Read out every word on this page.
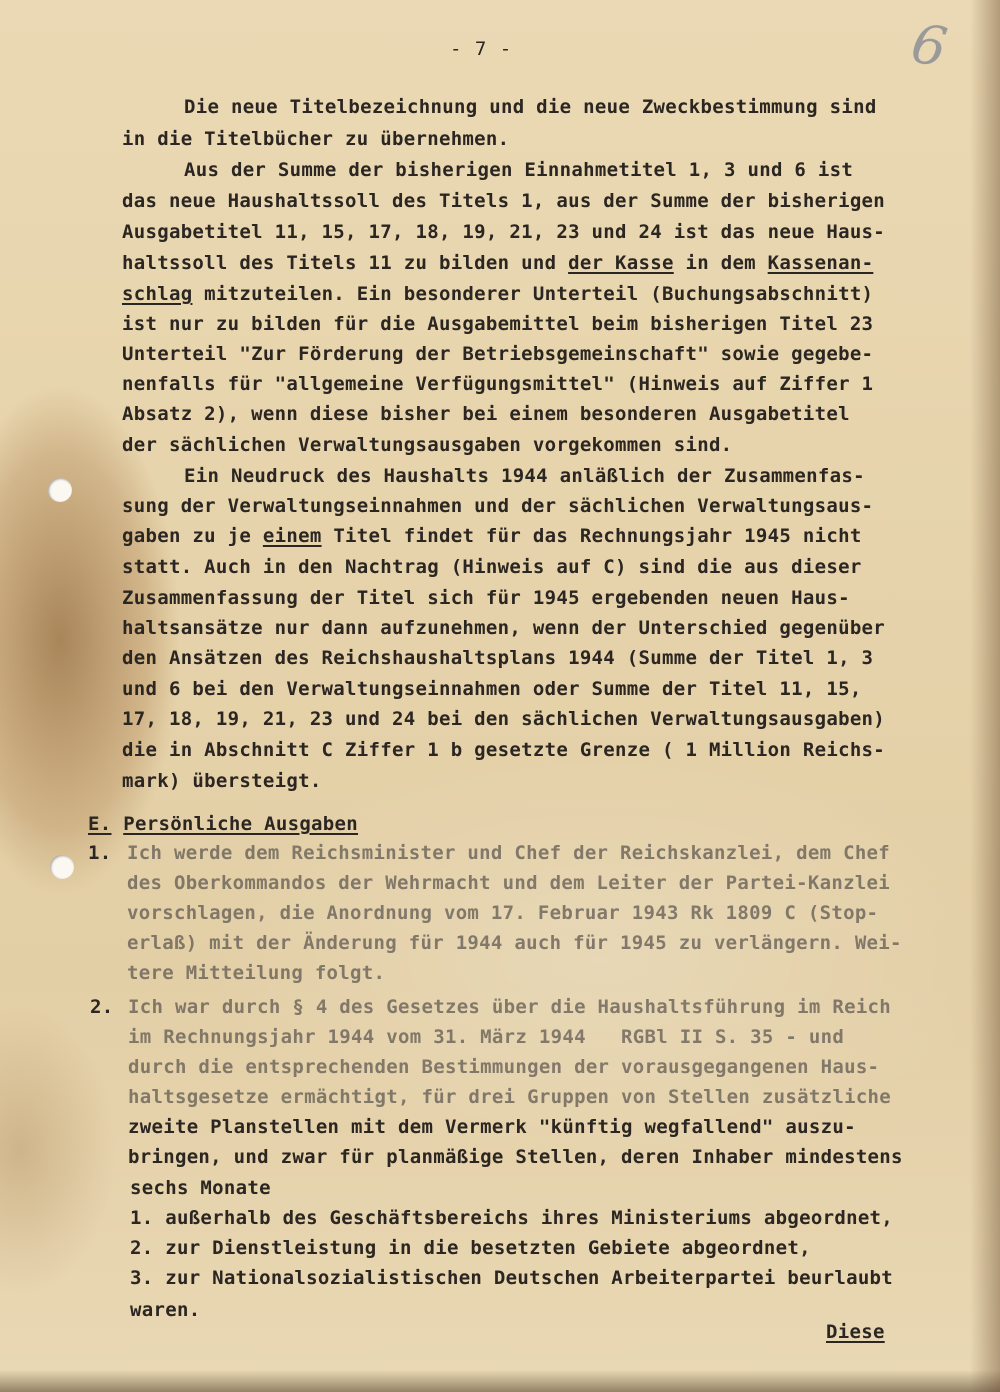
- 7 -	6
Die neue Titelbezeichnung und die neue Zweckbestimmung sind
in die Titelbücher zu übernehmen.
Aus der Summe der bisherigen Einnahmetitel 1, 3 und 6 ist
das neue Haushaltssoll des Titels 1, aus der Summe der bisherigen
Ausgabetitel 11, 15, 17, 18, 19, 21, 23 und 24 ist das neue Haus-
haltssoll des Titels 11 zu bilden und der Kasse in dem Kassenan-
schlag mitzuteilen. Ein besonderer Unterteil (Buchungsabschnitt)
ist nur zu bilden für die Ausgabemittel beim bisherigen Titel 23
Unterteil "Zur Förderung der Betriebsgemeinschaft" sowie gegebe-
nenfalls für "allgemeine Verfügungsmittel" (Hinweis auf Ziffer 1
Absatz 2), wenn diese bisher bei einem besonderen Ausgabetitel
der sächlichen Verwaltungsausgaben vorgekommen sind.
Ein Neudruck des Haushalts 1944 anläßlich der Zusammenfas-
sung der Verwaltungseinnahmen und der sächlichen Verwaltungsaus-
gaben zu je einem Titel findet für das Rechnungsjahr 1945 nicht
statt. Auch in den Nachtrag (Hinweis auf C) sind die aus dieser
Zusammenfassung der Titel sich für 1945 ergebenden neuen Haus-
haltsansätze nur dann aufzunehmen, wenn der Unterschied gegenüber
den Ansätzen des Reichshaushaltsplans 1944 (Summe der Titel 1, 3
und 6 bei den Verwaltungseinnahmen oder Summe der Titel 11, 15,
17, 18, 19, 21, 23 und 24 bei den sächlichen Verwaltungsausgaben)
die in Abschnitt C Ziffer 1 b gesetzte Grenze ( 1 Million Reichs-
mark) übersteigt.
E. Persönliche Ausgaben
1. Ich werde dem Reichsminister und Chef der Reichskanzlei, dem Chef
des Oberkommandos der Wehrmacht und dem Leiter der Partei-Kanzlei
vorschlagen, die Anordnung vom 17. Februar 1943 Rk 1809 C (Stop-
erlaß) mit der Änderung für 1944 auch für 1945 zu verlängern. Wei-
tere Mitteilung folgt.
2. Ich war durch § 4 des Gesetzes über die Haushaltsführung im Reich
im Rechnungsjahr 1944 vom 31. März 1944   RGBl II S. 35 - und
durch die entsprechenden Bestimmungen der vorausgegangenen Haus-
haltsgesetze ermächtigt, für drei Gruppen von Stellen zusätzliche
zweite Planstellen mit dem Vermerk "künftig wegfallend" auszu-
bringen, und zwar für planmäßige Stellen, deren Inhaber mindestens
sechs Monate
1. außerhalb des Geschäftsbereichs ihres Ministeriums abgeordnet,
2. zur Dienstleistung in die besetzten Gebiete abgeordnet,
3. zur Nationalsozialistischen Deutschen Arbeiterpartei beurlaubt
waren.
Diese
